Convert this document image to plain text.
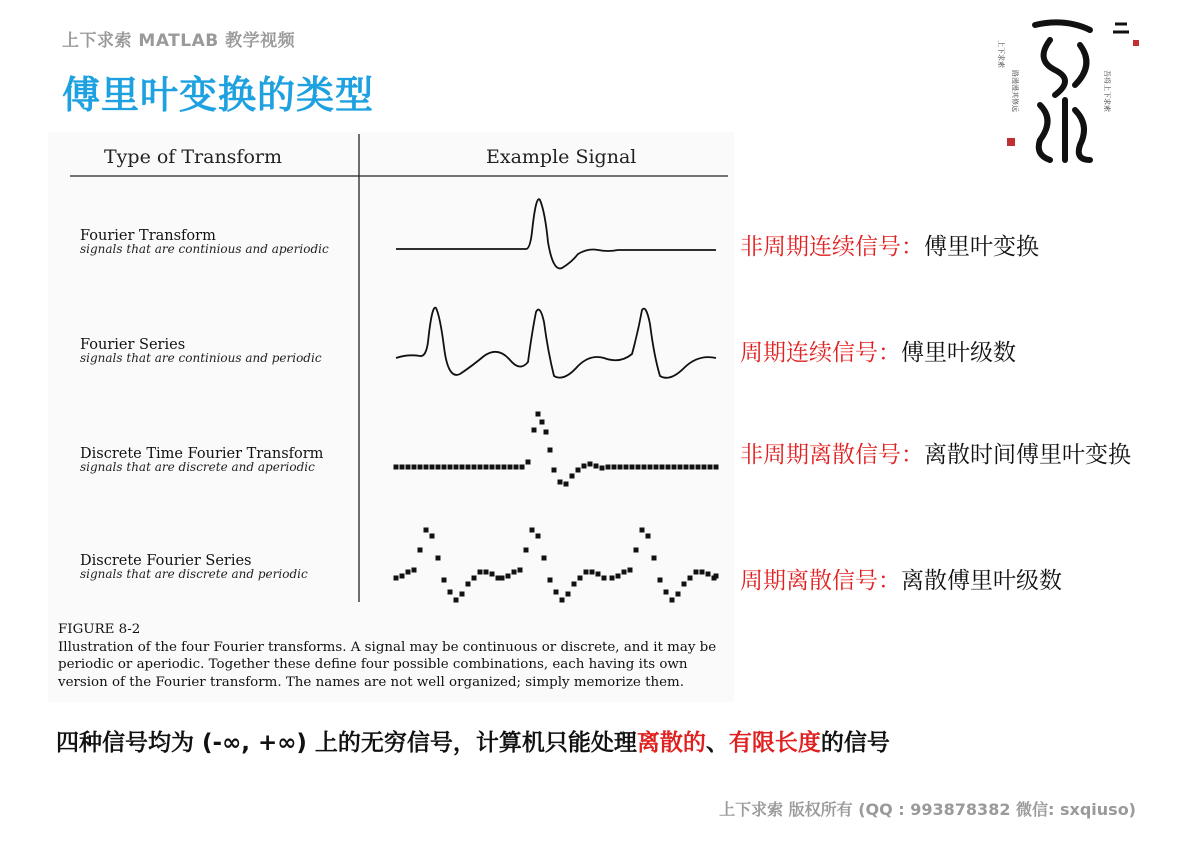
上下求索 MATLAB 教学视频
傅里叶变换的类型
上下求索
路漫漫其修远	吾将上下求索
Type of Transform	Example Signal
Fourier Transform
signals that are continious and aperiodic
Fourier Series
signals that are continious and periodic
Discrete Time Fourier Transform
signals that are discrete and aperiodic
Discrete Fourier Series
signals that are discrete and periodic
非周期连续信号：傅里叶变换
周期连续信号：傅里叶级数
非周期离散信号：离散时间傅里叶变换
周期离散信号：离散傅里叶级数
FIGURE 8-2
Illustration of the four Fourier transforms. A signal may be continuous or discrete, and it may be periodic or aperiodic. Together these define four possible combinations, each having its own version of the Fourier transform. The names are not well organized; simply memorize them.
四种信号均为 (-∞, +∞) 上的无穷信号，计算机只能处理离散的、有限长度的信号
上下求索 版权所有 (QQ : 993878382 微信: sxqiuso)
